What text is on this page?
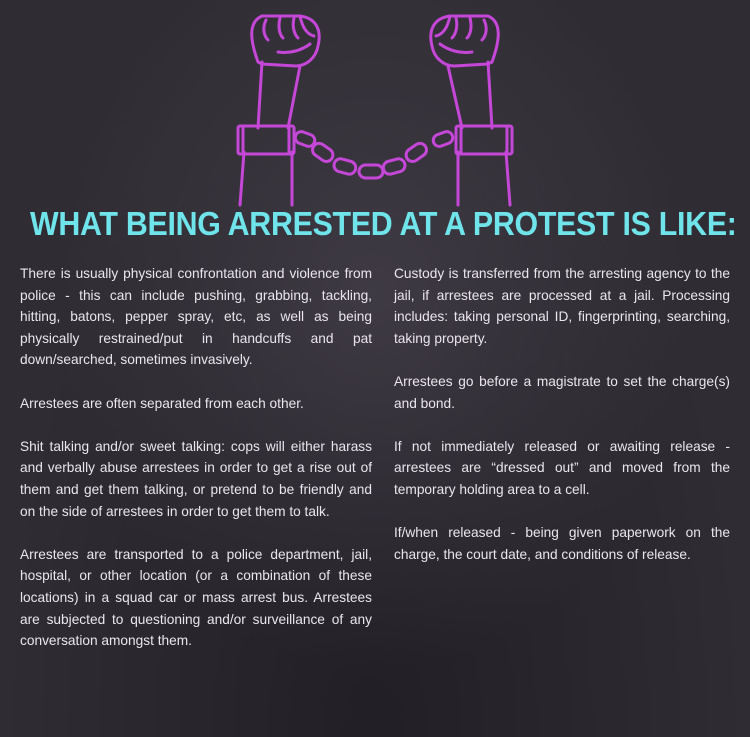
WHAT BEING ARRESTED AT A PROTEST IS LIKE:

There is usually physical confrontation and violence from police - this can include pushing, grabbing, tackling, hitting, batons, pepper spray, etc, as well as being physically restrained/put in handcuffs and pat down/searched, sometimes invasively.

Arrestees are often separated from each other.

Shit talking and/or sweet talking: cops will either harass and verbally abuse arrestees in order to get a rise out of them and get them talking, or pretend to be friendly and on the side of arrestees in order to get them to talk.

Arrestees are transported to a police department, jail, hospital, or other location (or a combination of these locations) in a squad car or mass arrest bus. Arrestees are subjected to questioning and/or surveillance of any conversation amongst them.

Custody is transferred from the arresting agency to the jail, if arrestees are processed at a jail. Processing includes: taking personal ID, fingerprinting, searching, taking property.

Arrestees go before a magistrate to set the charge(s) and bond.

If not immediately released or awaiting release - arrestees are “dressed out” and moved from the temporary holding area to a cell.

If/when released - being given paperwork on the charge, the court date, and conditions of release.
